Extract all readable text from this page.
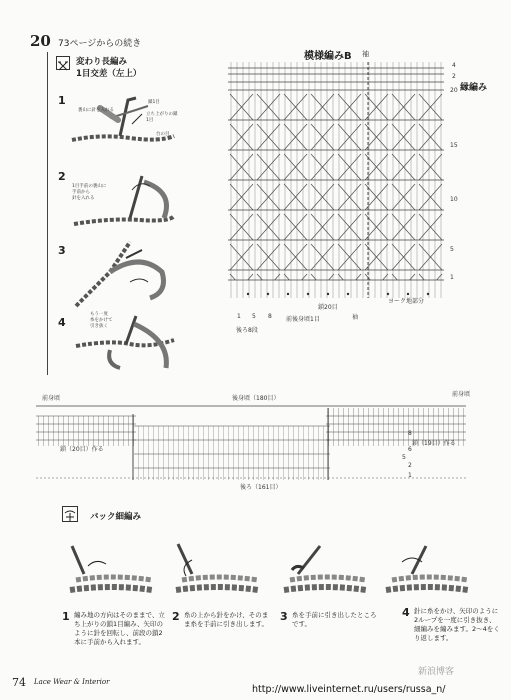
20 73ページからの続き
変わり長編み
1目交差（左上）
1
裏山に針を入れる
立ち上がりの鎖1目
鎖1目
台の目
2
1目手前の裏山に
手前から
針を入れる
3
4
もう一度
糸をかけて
引き抜く
模様編みB 袖
縁編み
4
2
20
15
10
5
1
鎖20目
1 5 8 前後身頃1目	袖
ヨーク地部分
後ろ8段
前身頃	後身頃（180目）
前身頃
鎖（20目）作る
鎖（19目）作る
後ろ（161目）
8
6
5
2
1
バック細編み
1 編み地の方向はそのままで、立ち上がりの鎖1目編み、矢印のように針を回転し、前段の鎖2本に手前から入れます。
2 糸の上から針をかけ、そのまま糸を手前に引き出します。
3 糸を手前に引き出したところです。
4 針に糸をかけ、矢印のように2ループを一度に引き抜き、細編みを編みます。2～4をくり返します。
74 Lace Wear & Interior
新浪博客
http://www.liveinternet.ru/users/russa_n/
